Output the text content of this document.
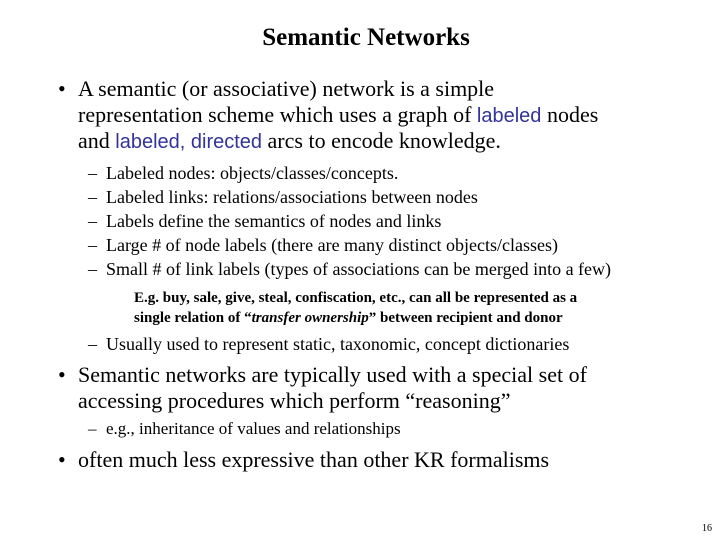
Semantic Networks
• A semantic (or associative) network is a simple
representation scheme which uses a graph of labeled nodes
and labeled, directed arcs to encode knowledge.
– Labeled nodes: objects/classes/concepts.
– Labeled links: relations/associations between nodes
– Labels define the semantics of nodes and links
– Large # of node labels (there are many distinct objects/classes)
– Small # of link labels (types of associations can be merged into a few)
E.g. buy, sale, give, steal, confiscation, etc., can all be represented as a
single relation of “transfer ownership” between recipient and donor
– Usually used to represent static, taxonomic, concept dictionaries
• Semantic networks are typically used with a special set of
accessing procedures which perform “reasoning”
– e.g., inheritance of values and relationships
• often much less expressive than other KR formalisms
16
